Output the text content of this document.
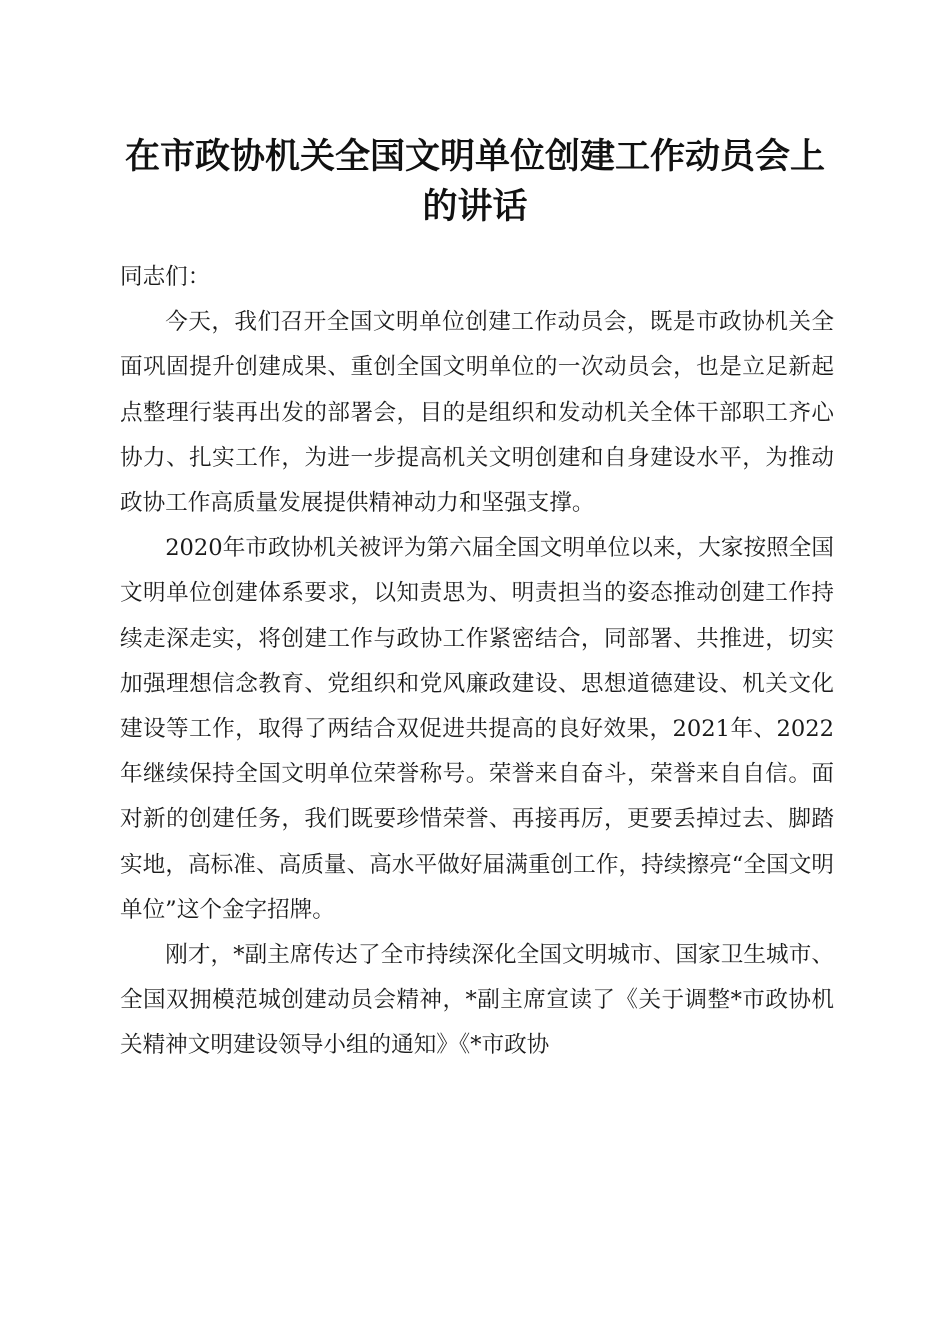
在市政协机关全国文明单位创建工作动员会上的讲话

同志们：

今天，我们召开全国文明单位创建工作动员会，既是市政协机关全面巩固提升创建成果、重创全国文明单位的一次动员会，也是立足新起点整理行装再出发的部署会，目的是组织和发动机关全体干部职工齐心协力、扎实工作，为进一步提高机关文明创建和自身建设水平，为推动政协工作高质量发展提供精神动力和坚强支撑。

2020年市政协机关被评为第六届全国文明单位以来，大家按照全国文明单位创建体系要求，以知责思为、明责担当的姿态推动创建工作持续走深走实，将创建工作与政协工作紧密结合，同部署、共推进，切实加强理想信念教育、党组织和党风廉政建设、思想道德建设、机关文化建设等工作，取得了两结合双促进共提高的良好效果，2021年、2022年继续保持全国文明单位荣誉称号。荣誉来自奋斗，荣誉来自自信。面对新的创建任务，我们既要珍惜荣誉、再接再厉，更要丢掉过去、脚踏实地，高标准、高质量、高水平做好届满重创工作，持续擦亮“全国文明单位”这个金字招牌。

刚才，*副主席传达了全市持续深化全国文明城市、国家卫生城市、全国双拥模范城创建动员会精神，*副主席宣读了《关于调整*市政协机关精神文明建设领导小组的通知》《*市政协
